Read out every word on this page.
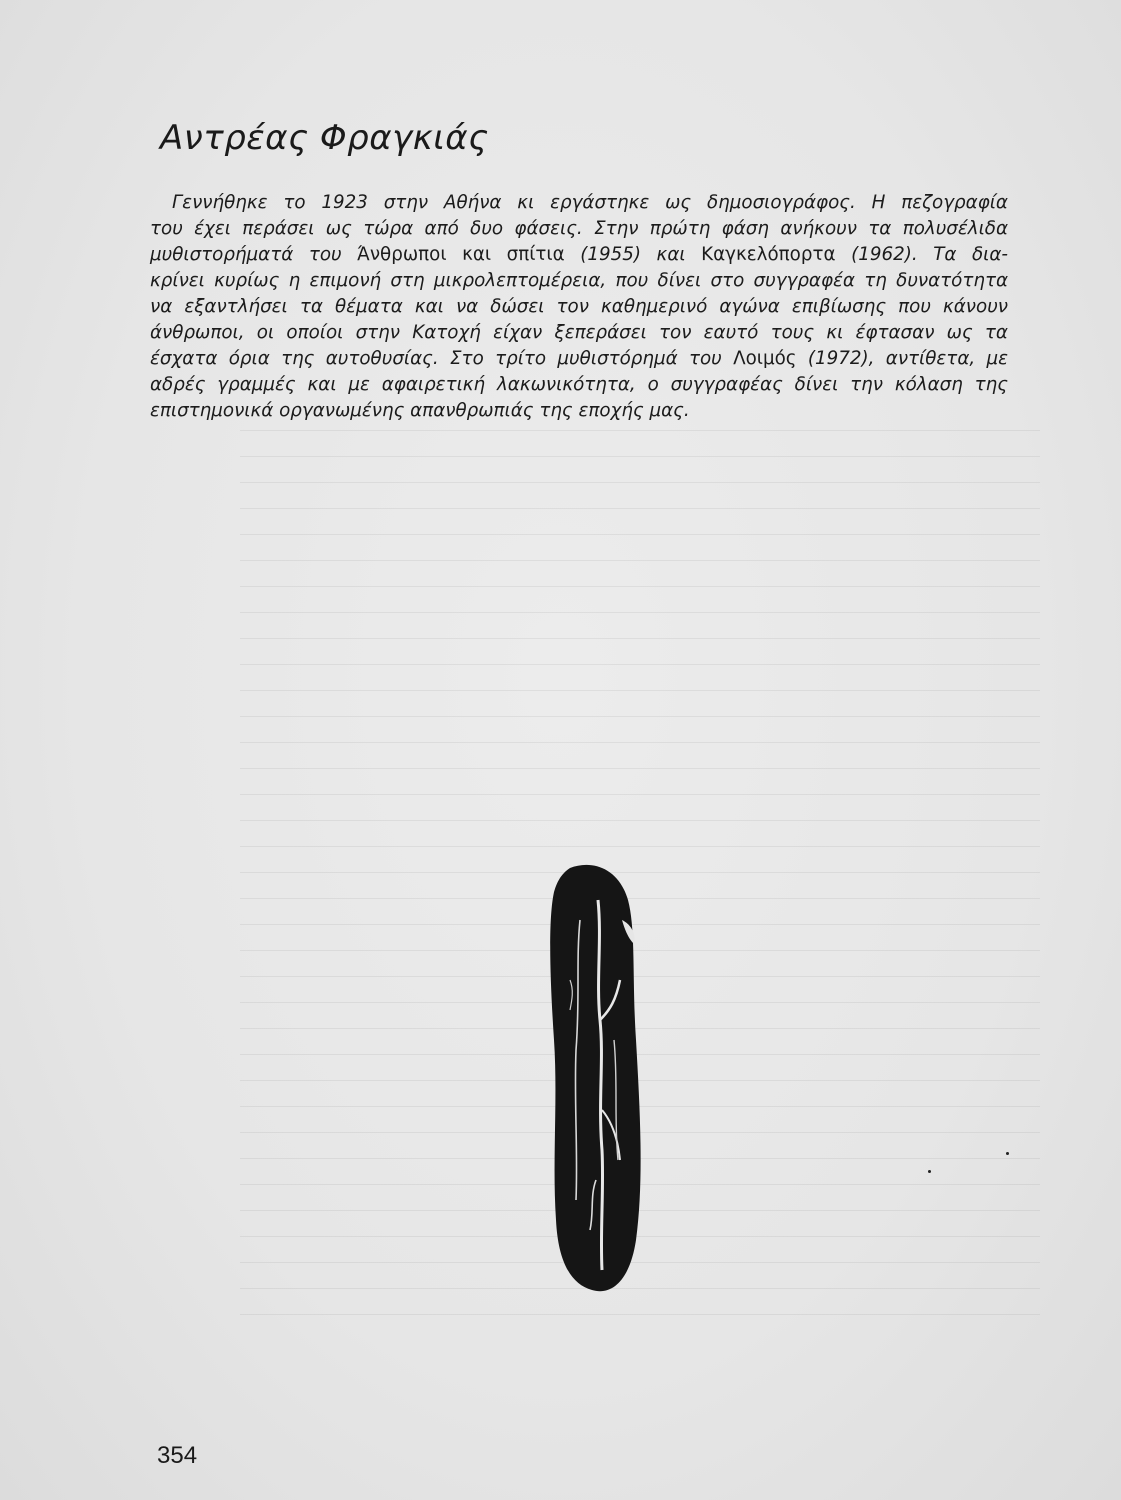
Αντρέας Φραγκιάς
Γεννήθηκε το 1923 στην Αθήνα κι εργάστηκε ως δημοσιογράφος. Η πεζογραφία
του έχει περάσει ως τώρα από δυο φάσεις. Στην πρώτη φάση ανήκουν τα πολυσέλιδα
μυθιστορήματά του Άνθρωποι και σπίτια (1955) και Καγκελόπορτα (1962). Τα δια-
κρίνει κυρίως η επιμονή στη μικρολεπτομέρεια, που δίνει στο συγγραφέα τη δυνατότητα
να εξαντλήσει τα θέματα και να δώσει τον καθημερινό αγώνα επιβίωσης που κάνουν
άνθρωποι, οι οποίοι στην Κατοχή είχαν ξεπεράσει τον εαυτό τους κι έφτασαν ως τα
έσχατα όρια της αυτοθυσίας. Στο τρίτο μυθιστόρημά του Λοιμός (1972), αντίθετα, με
αδρές γραμμές και με αφαιρετική λακωνικότητα, ο συγγραφέας δίνει την κόλαση της
επιστημονικά οργανωμένης απανθρωπιάς της εποχής μας.
354
